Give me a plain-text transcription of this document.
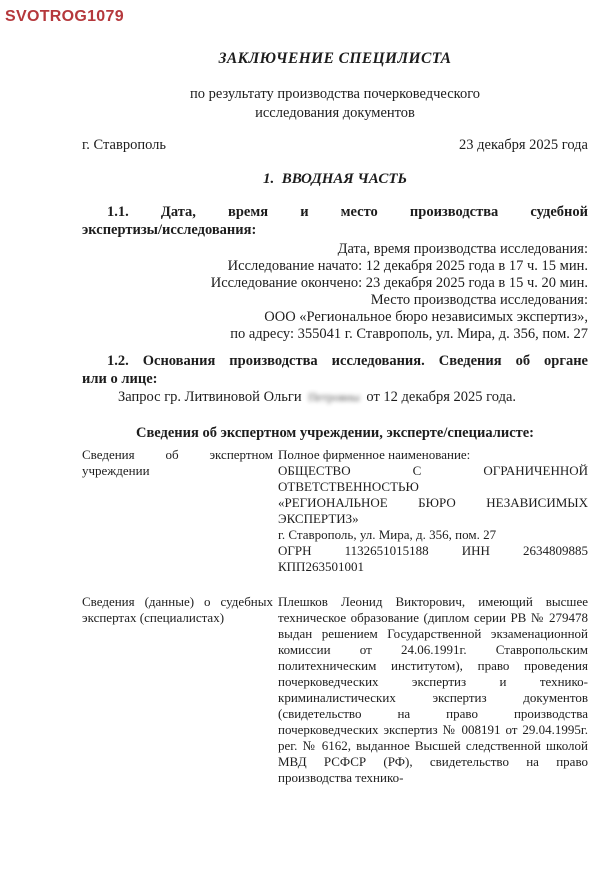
SVOTROG1079
ЗАКЛЮЧЕНИЕ СПЕЦИЛИСТА
по результату производства почерковедческого
исследования документов
г. Ставрополь	23 декабря 2025 года
1.  ВВОДНАЯ ЧАСТЬ
1.1. Дата, время и место производства судебной
экспертизы/исследования:
Дата, время производства исследования:
Исследование начато: 12 декабря 2025 года в 17 ч. 15 мин.
Исследование окончено: 23 декабря 2025 года в 15 ч. 20 мин.
Место производства исследования:
ООО «Региональное бюро независимых экспертиз»,
по адресу: 355041 г. Ставрополь, ул. Мира, д. 356, пом. 27
1.2. Основания производства исследования. Сведения об органе
или о лице:
Запрос гр. Литвиновой Ольги Петровны от 12 декабря 2025 года.
Сведения об экспертном учреждении, эксперте/специалисте:
Сведения об экспертном
учреждении
Полное фирменное наименование:
ОБЩЕСТВО С ОГРАНИЧЕННОЙ
ОТВЕТСТВЕННОСТЬЮ
«РЕГИОНАЛЬНОЕ БЮРО НЕЗАВИСИМЫХ
ЭКСПЕРТИЗ»
г. Ставрополь, ул. Мира, д. 356, пом. 27
ОГРН 1132651015188 ИНН 2634809885
КПП263501001
Сведения (данные) о судебных
экспертах (специалистах)
Плешков Леонид Викторович, имеющий высшее техническое образование (диплом серии РВ № 279478 выдан решением Государственной экзаменационной комиссии от 24.06.1991г. Ставропольским политехническим институтом), право проведения почерковедческих экспертиз и технико-криминалистических экспертиз документов (свидетельство на право производства почерковедческих экспертиз № 008191 от 29.04.1995г. рег. № 6162, выданное Высшей следственной школой МВД РСФСР (РФ), свидетельство на право производства технико-
